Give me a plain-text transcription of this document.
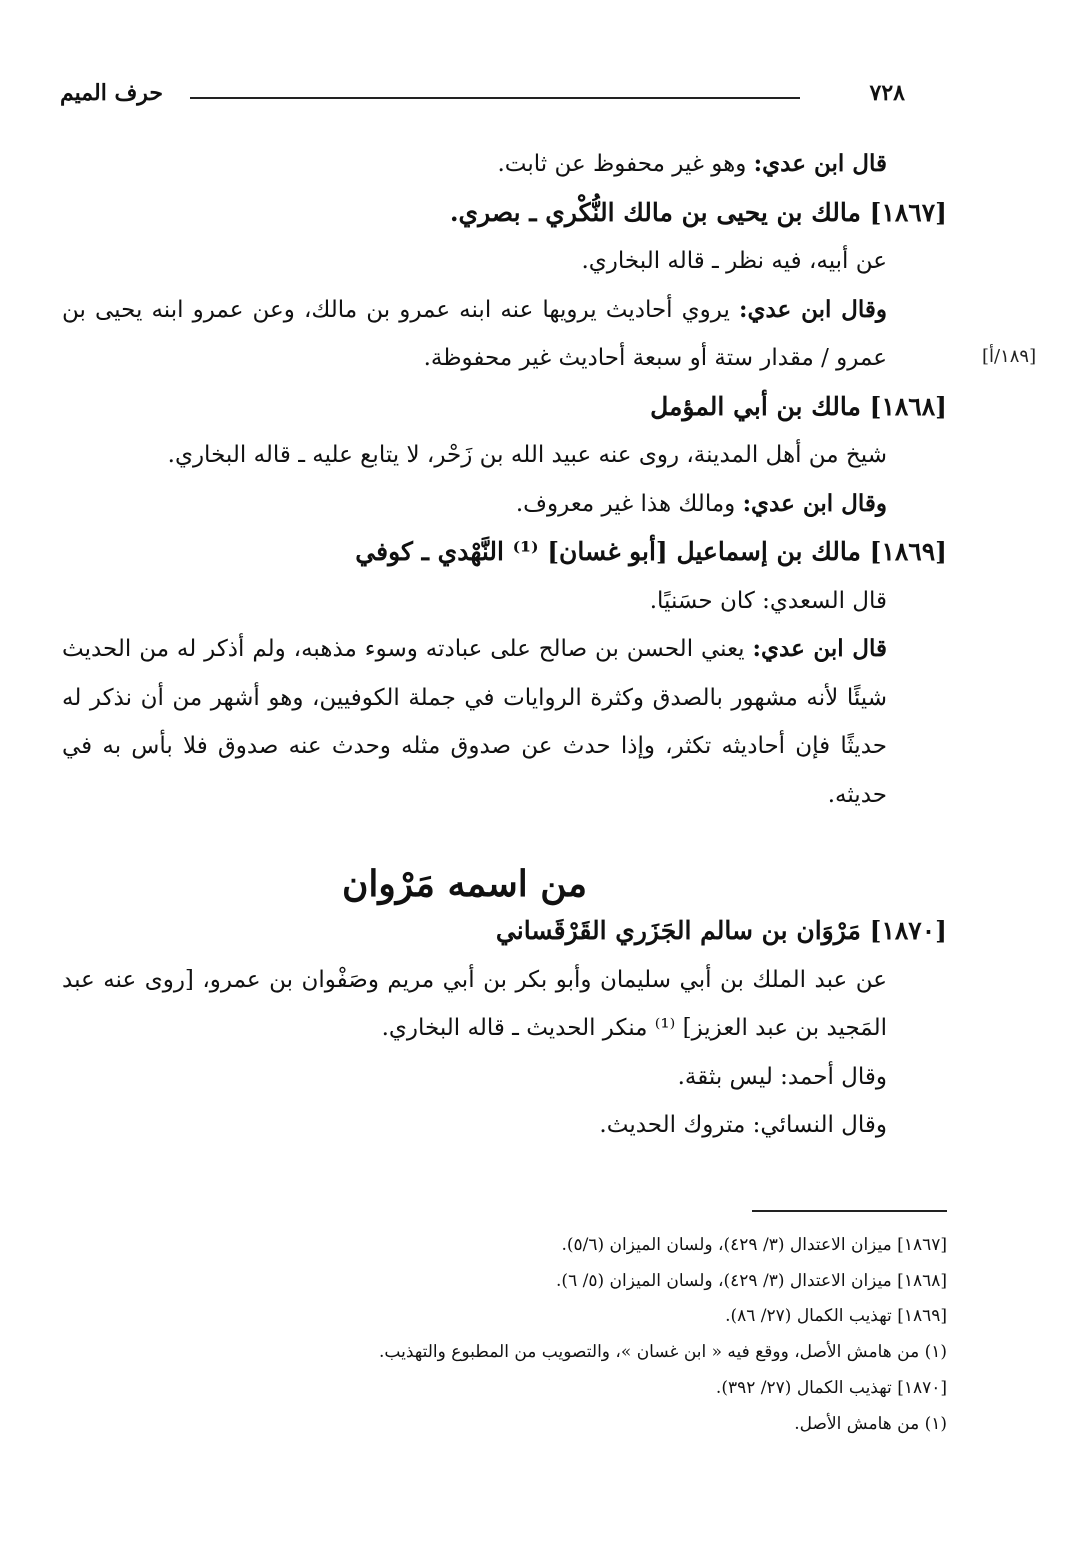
حرف الميم	٧٢٨
[١٨٩/أ]

قال ابن عدي: وهو غير محفوظ عن ثابت.

[١٨٦٧] مالك بن يحيى بن مالك النُّكْري ـ بصري.

عن أبيه، فيه نظر ـ قاله البخاري.

وقال ابن عدي: يروي أحاديث يرويها عنه ابنه عمرو بن مالك، وعن عمرو ابنه يحيى بن عمرو / مقدار ستة أو سبعة أحاديث غير محفوظة.

[١٨٦٨] مالك بن أبي المؤمل

شيخ من أهل المدينة، روى عنه عبيد الله بن زَحْر، لا يتابع عليه ـ قاله البخاري.

وقال ابن عدي: ومالك هذا غير معروف.

[١٨٦٩] مالك بن إسماعيل [أبو غسان] ⁽¹⁾ النَّهْدي ـ كوفي

قال السعدي: كان حسَنيًا.

قال ابن عدي: يعني الحسن بن صالح على عبادته وسوء مذهبه، ولم أذكر له من الحديث شيئًا لأنه مشهور بالصدق وكثرة الروايات في جملة الكوفيين، وهو أشهر من أن نذكر له حديثًا فإن أحاديثه تكثر، وإذا حدث عن صدوق مثله وحدث عنه صدوق فلا بأس به في حديثه.

من اسمه مَرْوان

[١٨٧٠] مَرْوَان بن سالم الجَزَري القَرْقَساني

عن عبد الملك بن أبي سليمان وأبو بكر بن أبي مريم وصَفْوان بن عمرو، [روى عنه عبد المَجيد بن عبد العزيز] ⁽¹⁾ منكر الحديث ـ قاله البخاري.

وقال أحمد: ليس بثقة.

وقال النسائي: متروك الحديث.

[١٨٦٧] ميزان الاعتدال (٣/ ٤٢٩)، ولسان الميزان (٥/٦).

[١٨٦٨] ميزان الاعتدال (٣/ ٤٢٩)، ولسان الميزان (٥/ ٦).

[١٨٦٩] تهذيب الكمال (٢٧/ ٨٦).

(١) من هامش الأصل، ووقع فيه « ابن غسان »، والتصويب من المطبوع والتهذيب.

[١٨٧٠] تهذيب الكمال (٢٧/ ٣٩٢).

(١) من هامش الأصل.
